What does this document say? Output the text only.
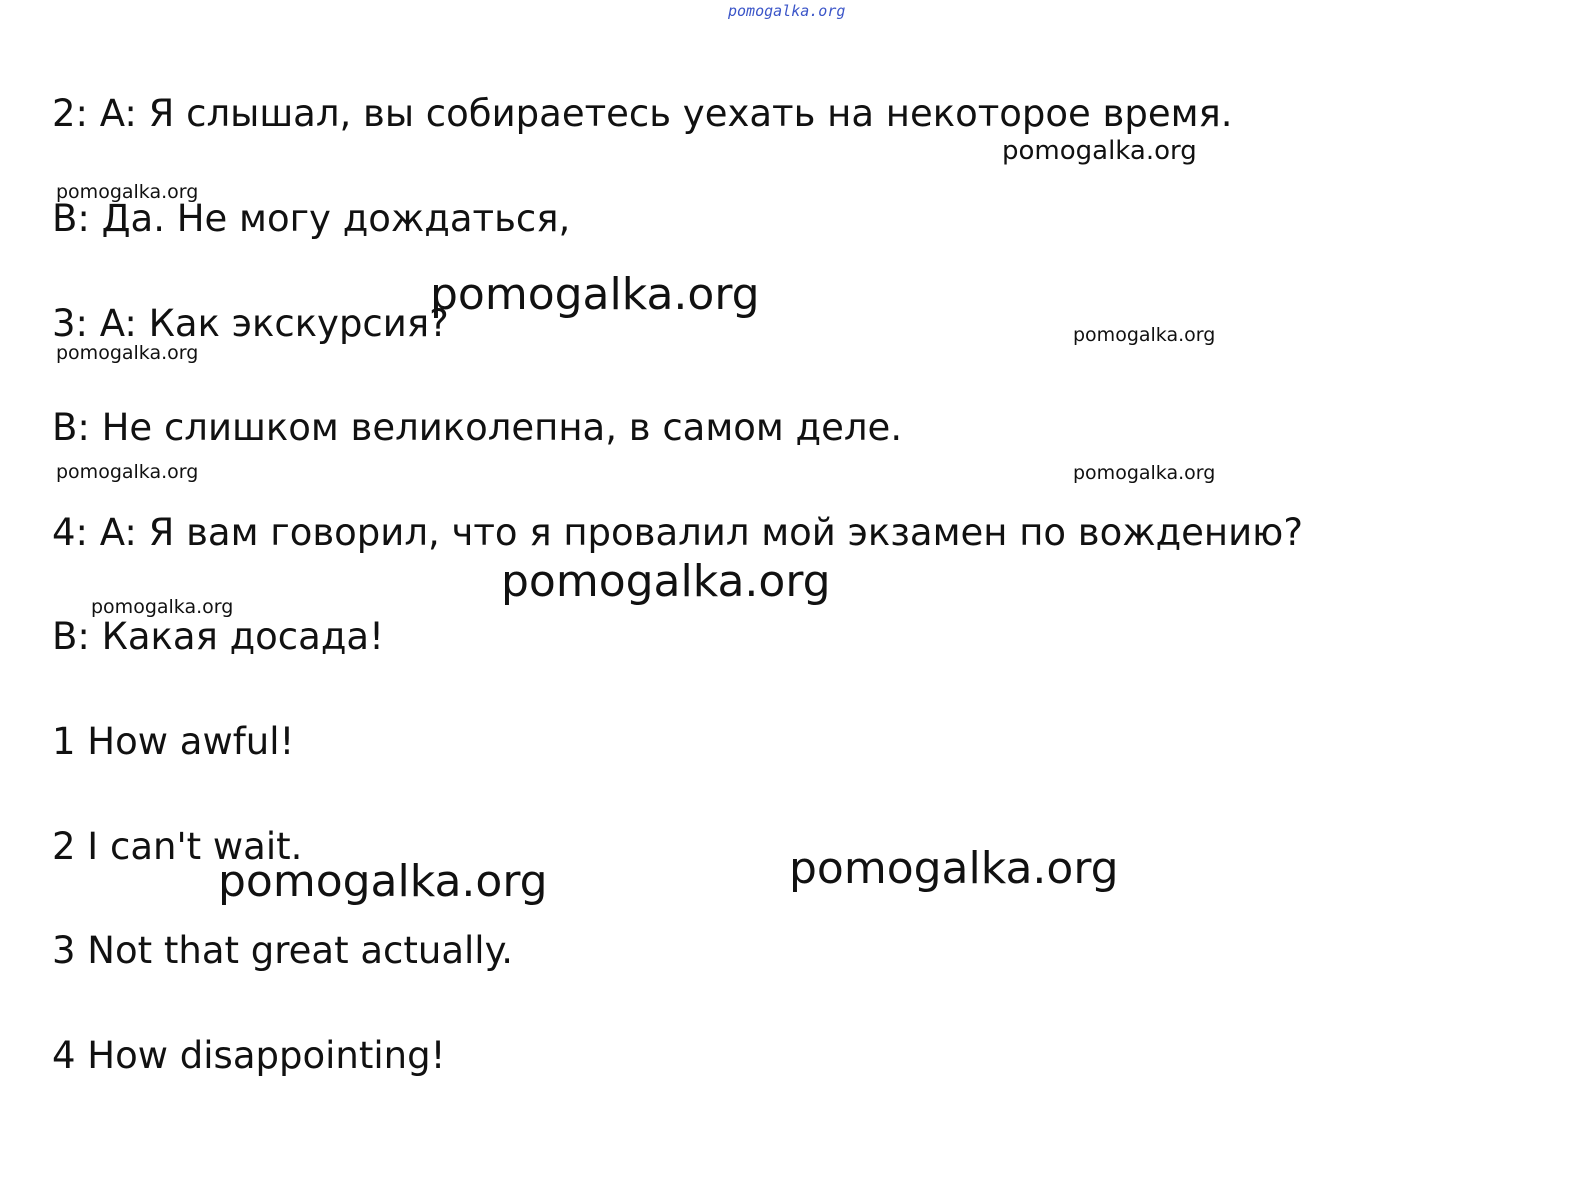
pomogalka.org
2: A: Я слышал, вы собираетесь уехать на некоторое время.
B: Да. Не могу дождаться,
3: A: Как экскурсия?
B: Не слишком великолепна, в самом деле.
4: A: Я вам говорил, что я провалил мой экзамен по вождению?
B: Какая досада!
1 How awful!
2 I can't wait.
3 Not that great actually.
4 How disappointing!
pomogalka.org
pomogalka.org
pomogalka.org
pomogalka.org
pomogalka.org
pomogalka.org	pomogalka.org
pomogalka.org
pomogalka.org
pomogalka.org
pomogalka.org
